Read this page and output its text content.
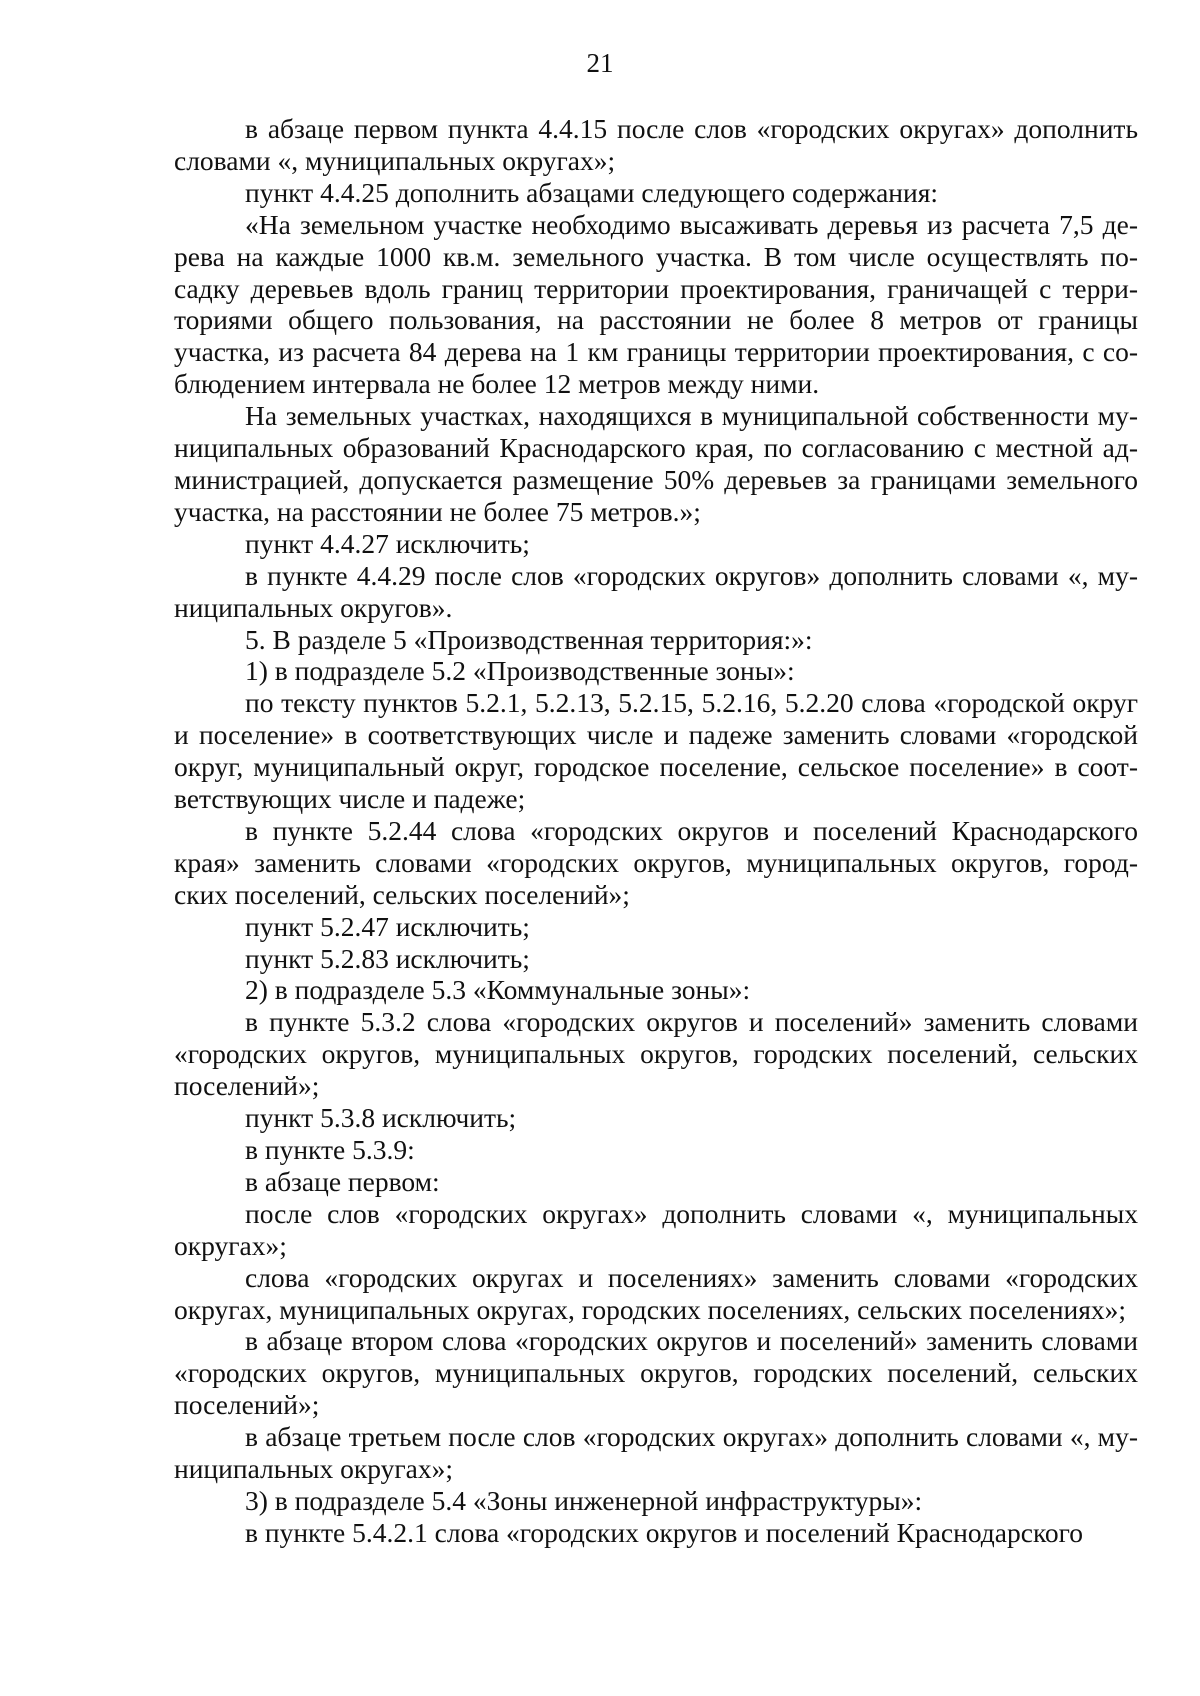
21
в абзаце первом пункта 4.4.15 после слов «городских округах» дополнить
словами «, муниципальных округах»;
пункт 4.4.25 дополнить абзацами следующего содержания:
«На земельном участке необходимо высаживать деревья из расчета 7,5 де-
рева на каждые 1000 кв.м. земельного участка. В том числе осуществлять по-
садку деревьев вдоль границ территории проектирования, граничащей с терри-
ториями общего пользования, на расстоянии не более 8 метров от границы
участка, из расчета 84 дерева на 1 км границы территории проектирования, с со-
блюдением интервала не более 12 метров между ними.
На земельных участках, находящихся в муниципальной собственности му-
ниципальных образований Краснодарского края, по согласованию с местной ад-
министрацией, допускается размещение 50% деревьев за границами земельного
участка, на расстоянии не более 75 метров.»;
пункт 4.4.27 исключить;
в пункте 4.4.29 после слов «городских округов» дополнить словами «, му-
ниципальных округов».
5. В разделе 5 «Производственная территория:»:
1) в подразделе 5.2 «Производственные зоны»:
по тексту пунктов 5.2.1, 5.2.13, 5.2.15, 5.2.16, 5.2.20 слова «городской округ
и поселение» в соответствующих числе и падеже заменить словами «городской
округ, муниципальный округ, городское поселение, сельское поселение» в соот-
ветствующих числе и падеже;
в пункте 5.2.44 слова «городских округов и поселений Краснодарского
края» заменить словами «городских округов, муниципальных округов, город-
ских поселений, сельских поселений»;
пункт 5.2.47 исключить;
пункт 5.2.83 исключить;
2) в подразделе 5.3 «Коммунальные зоны»:
в пункте 5.3.2 слова «городских округов и поселений» заменить словами
«городских округов, муниципальных округов, городских поселений, сельских
поселений»;
пункт 5.3.8 исключить;
в пункте 5.3.9:
в абзаце первом:
после слов «городских округах» дополнить словами «, муниципальных
округах»;
слова «городских округах и поселениях» заменить словами «городских
округах, муниципальных округах, городских поселениях, сельских поселениях»;
в абзаце втором слова «городских округов и поселений» заменить словами
«городских округов, муниципальных округов, городских поселений, сельских
поселений»;
в абзаце третьем после слов «городских округах» дополнить словами «, му-
ниципальных округах»;
3) в подразделе 5.4 «Зоны инженерной инфраструктуры»:
в пункте 5.4.2.1 слова «городских округов и поселений Краснодарского
